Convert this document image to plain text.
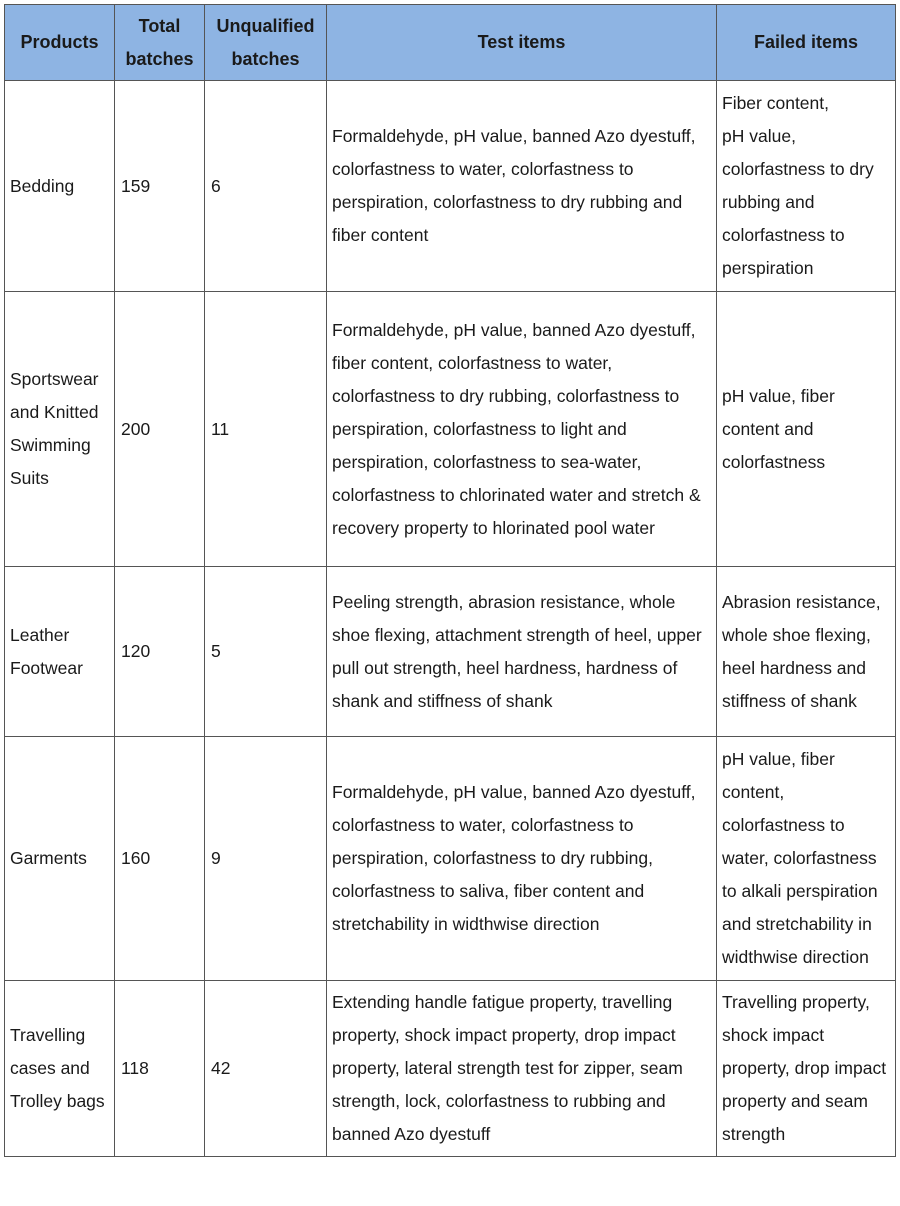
Products	Total batches	Unqualified batches	Test items	Failed items
Bedding	159	6	Formaldehyde, pH value, banned Azo dyestuff, colorfastness to water, colorfastness to perspiration, colorfastness to dry rubbing and fiber content	Fiber content,
pH value,
colorfastness to dry rubbing and colorfastness to perspiration

Sportswear and Knitted Swimming Suits	200	11	Formaldehyde, pH value, banned Azo dyestuff, fiber content, colorfastness to water, colorfastness to dry rubbing, colorfastness to perspiration, colorfastness to light and perspiration, colorfastness to sea-water, colorfastness to chlorinated water and stretch & recovery property to hlorinated pool water	pH value, fiber content and colorfastness

Leather Footwear	120	5	Peeling strength, abrasion resistance, whole shoe flexing, attachment strength of heel, upper pull out strength, heel hardness, hardness of shank and stiffness of shank	Abrasion resistance, whole shoe flexing, heel hardness and stiffness of shank

Garments	160	9	Formaldehyde, pH value, banned Azo dyestuff, colorfastness to water, colorfastness to perspiration, colorfastness to dry rubbing, colorfastness to saliva, fiber content and stretchability in widthwise direction	pH value, fiber content,
colorfastness to water, colorfastness to alkali perspiration and stretchability in widthwise direction

Travelling cases and Trolley bags	118	42	Extending handle fatigue property, travelling property, shock impact property, drop impact property, lateral strength test for zipper, seam strength, lock, colorfastness to rubbing and banned Azo dyestuff	Travelling property, shock impact property, drop impact property and seam strength
